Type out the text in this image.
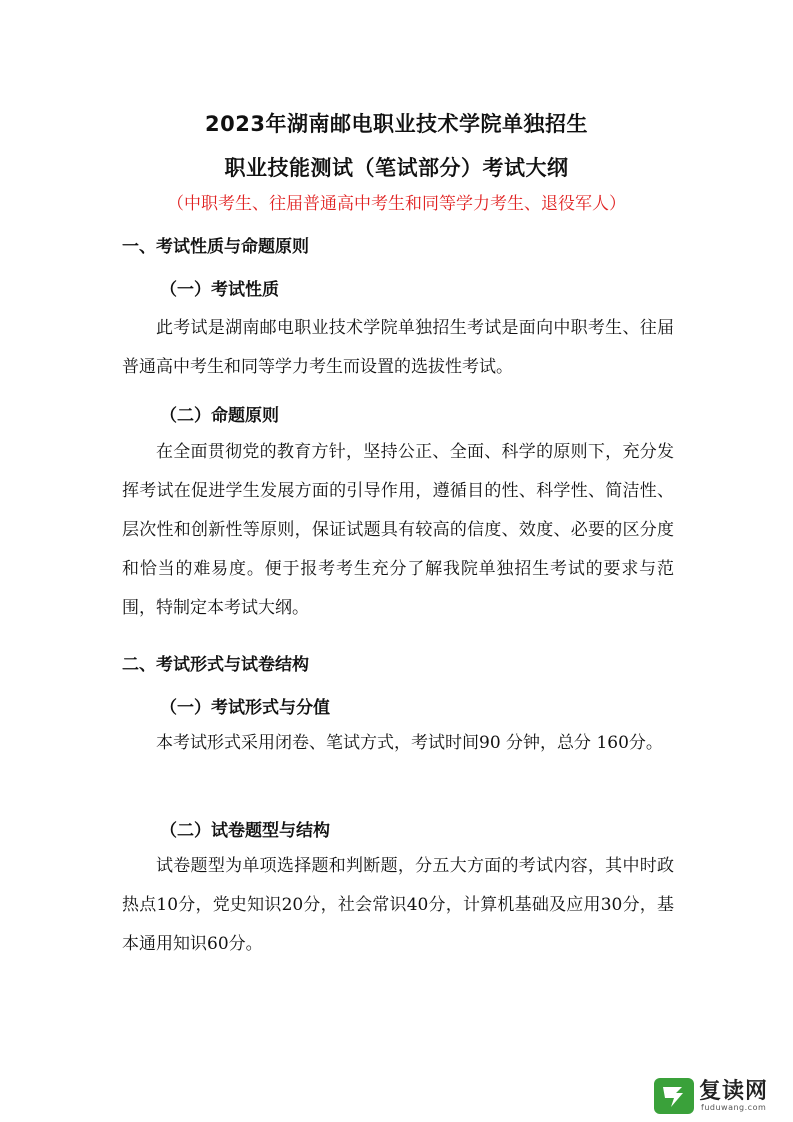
2023年湖南邮电职业技术学院单独招生
职业技能测试（笔试部分）考试大纲

（中职考生、往届普通高中考生和同等学力考生、退役军人）

一、考试性质与命题原则
（一）考试性质

此考试是湖南邮电职业技术学院单独招生考试是面向中职考生、往届普通高中考生和同等学力考生而设置的选拔性考试。

（二）命题原则

在全面贯彻党的教育方针，坚持公正、全面、科学的原则下，充分发挥考试在促进学生发展方面的引导作用，遵循目的性、科学性、简洁性、层次性和创新性等原则，保证试题具有较高的信度、效度、必要的区分度和恰当的难易度。便于报考考生充分了解我院单独招生考试的要求与范围，特制定本考试大纲。

二、考试形式与试卷结构
（一）考试形式与分值

本考试形式采用闭卷、笔试方式，考试时间90 分钟，总分 160分。

（二）试卷题型与结构

试卷题型为单项选择题和判断题，分五大方面的考试内容，其中时政热点10分，党史知识20分，社会常识40分，计算机基础及应用30分，基本通用知识60分。

复读网
fuduwang.com
